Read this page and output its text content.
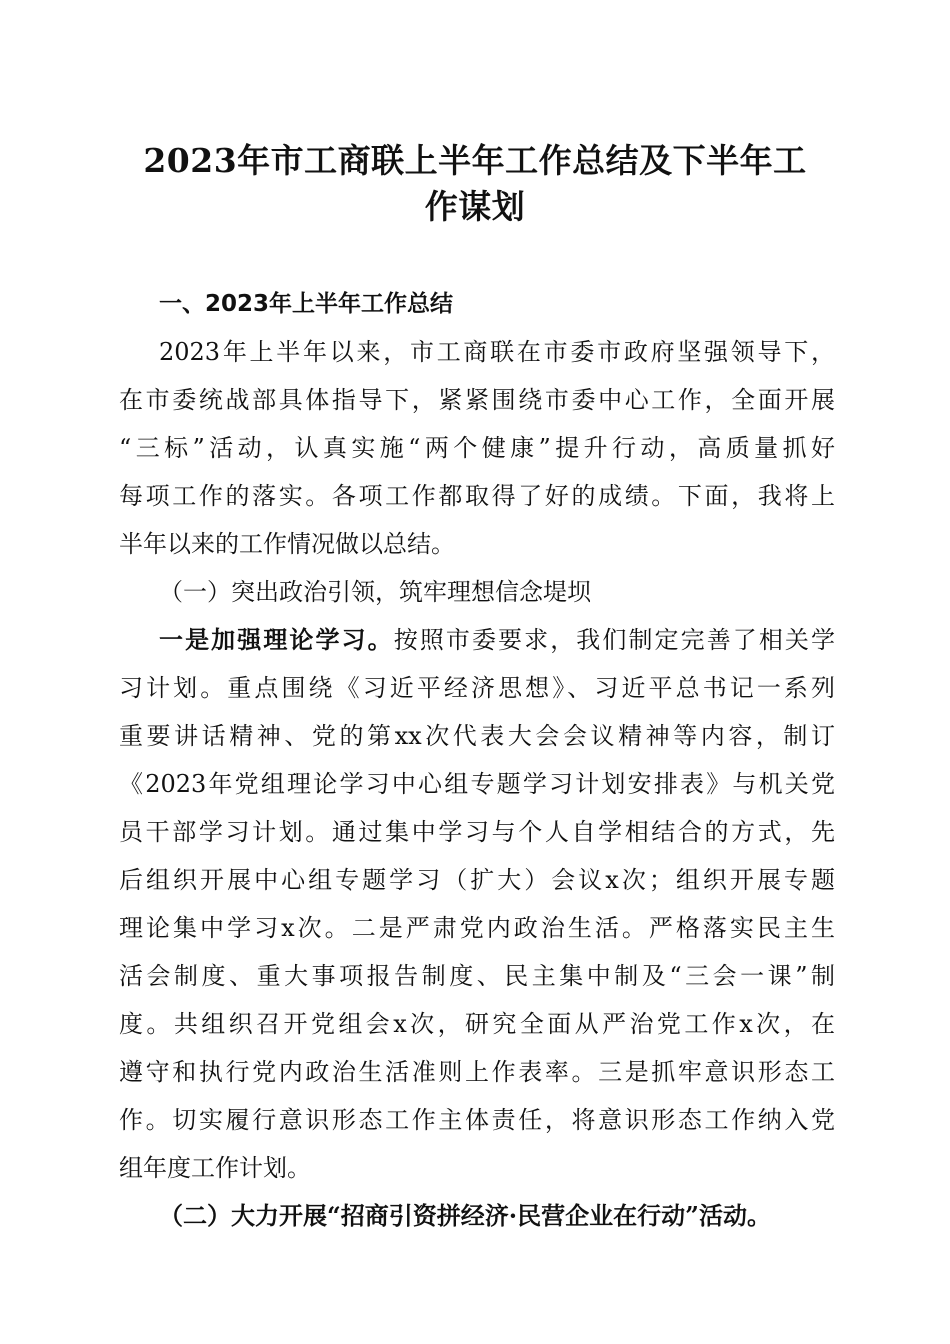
2023年市工商联上半年工作总结及下半年工
作谋划
一、2023年上半年工作总结
2023年上半年以来，市工商联在市委市政府坚强领导下，
在市委统战部具体指导下，紧紧围绕市委中心工作，全面开展
“三标”活动，认真实施“两个健康”提升行动，高质量抓好
每项工作的落实。各项工作都取得了好的成绩。下面，我将上
半年以来的工作情况做以总结。
（一）突出政治引领，筑牢理想信念堤坝
一是加强理论学习。按照市委要求，我们制定完善了相关学
习计划。重点围绕《习近平经济思想》、习近平总书记一系列
重要讲话精神、党的第xx次代表大会会议精神等内容，制订
《2023年党组理论学习中心组专题学习计划安排表》与机关党
员干部学习计划。通过集中学习与个人自学相结合的方式，先
后组织开展中心组专题学习（扩大）会议x次；组织开展专题
理论集中学习x次。二是严肃党内政治生活。严格落实民主生
活会制度、重大事项报告制度、民主集中制及“三会一课”制
度。共组织召开党组会x次，研究全面从严治党工作x次，在
遵守和执行党内政治生活准则上作表率。三是抓牢意识形态工
作。切实履行意识形态工作主体责任，将意识形态工作纳入党
组年度工作计划。
（二）大力开展“招商引资拼经济·民营企业在行动”活动。
